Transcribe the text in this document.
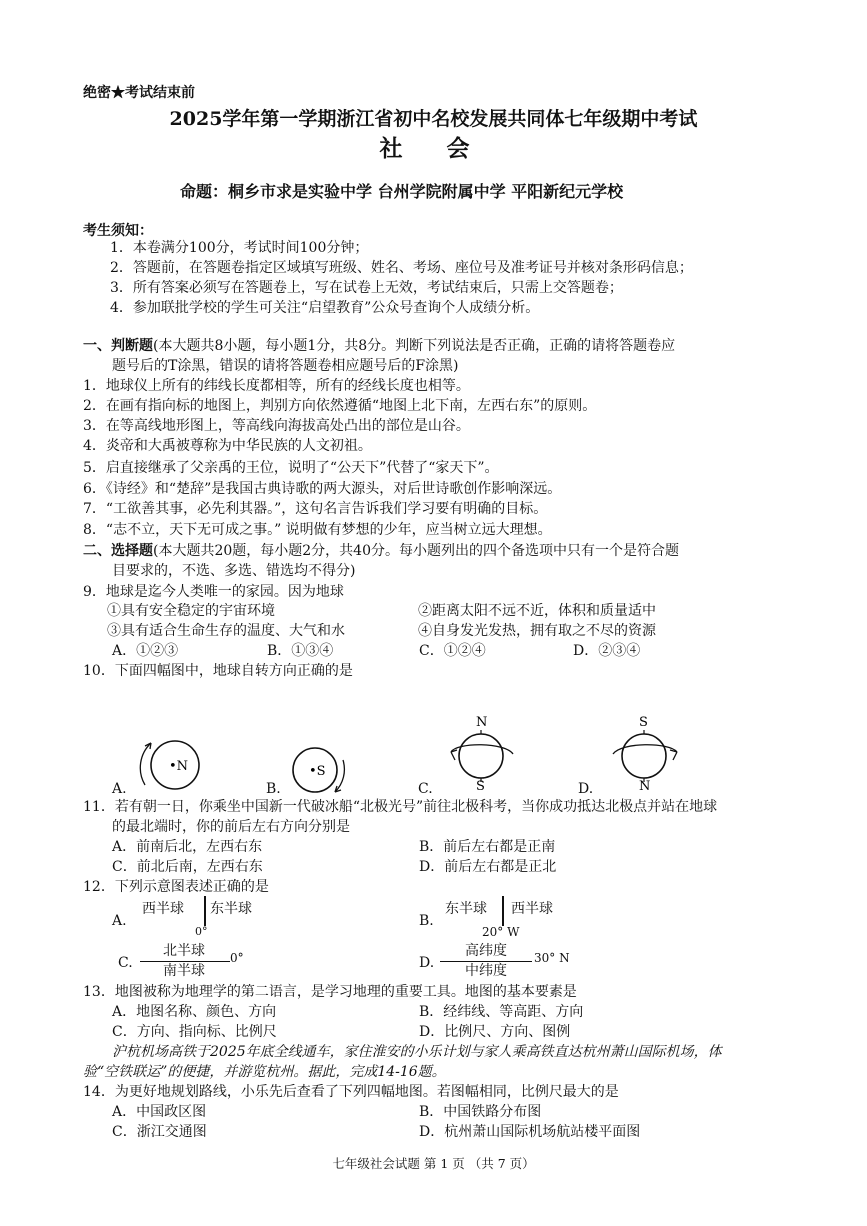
绝密★考试结束前
2025学年第一学期浙江省初中名校发展共同体七年级期中考试
社 会
命题：桐乡市求是实验中学 台州学院附属中学 平阳新纪元学校
考生须知：
1．本卷满分100分，考试时间100分钟；
2．答题前，在答题卷指定区域填写班级、姓名、考场、座位号及准考证号并核对条形码信息；
3．所有答案必须写在答题卷上，写在试卷上无效，考试结束后，只需上交答题卷；
4．参加联批学校的学生可关注“启望教育”公众号查询个人成绩分析。
一、判断题(本大题共8小题，每小题1分，共8分。判断下列说法是否正确，正确的请将答题卷应
题号后的T涂黑，错误的请将答题卷相应题号后的F涂黑)
1．地球仪上所有的纬线长度都相等，所有的经线长度也相等。
2．在画有指向标的地图上，判别方向依然遵循“地图上北下南，左西右东”的原则。
3．在等高线地形图上，等高线向海拔高处凸出的部位是山谷。
4．炎帝和大禹被尊称为中华民族的人文初祖。
5．启直接继承了父亲禹的王位，说明了“公天下”代替了“家天下”。
6．《诗经》和“楚辞”是我国古典诗歌的两大源头，对后世诗歌创作影响深远。
7．“工欲善其事，必先利其器。”，这句名言告诉我们学习要有明确的目标。
8．“志不立，天下无可成之事。” 说明做有梦想的少年，应当树立远大理想。
二、选择题(本大题共20题，每小题2分，共40分。每小题列出的四个备选项中只有一个是符合题
目要求的，不选、多选、错选均不得分)
9．地球是迄今人类唯一的家园。因为地球
①具有安全稳定的宇宙环境	②距离太阳不远不近，体积和质量适中
③具有适合生命生存的温度、大气和水	④自身发光发热，拥有取之不尽的资源
A．①②③	B．①③④	C．①②④	D．②③④
10．下面四幅图中，地球自转方向正确的是
A.
•N
B.
•S
C.
N
S	D.
S
N
11．若有朝一日，你乘坐中国新一代破冰船“北极光号”前往北极科考，当你成功抵达北极点并站在地球
的最北端时，你的前后左右方向分别是
A．前南后北，左西右东	B．前后左右都是正南
C．前北后南，左西右东	D．前后左右都是正北
12．下列示意图表述正确的是
A.
西半球 东半球
0°
B.
东半球 西半球
20° W
C.
北半球
南半球
0°	D.
高纬度
中纬度
30° N
13．地图被称为地理学的第二语言，是学习地理的重要工具。地图的基本要素是
A．地图名称、颜色、方向	B．经纬线、等高距、方向
C．方向、指向标、比例尺	D．比例尺、方向、图例
沪杭机场高铁于2025年底全线通车，家住淮安的小乐计划与家人乘高铁直达杭州萧山国际机场，体
验“空铁联运”的便捷，并游览杭州。据此，完成14-16题。
14．为更好地规划路线，小乐先后查看了下列四幅地图。若图幅相同，比例尺最大的是
A．中国政区图	B．中国铁路分布图
C．浙江交通图	D．杭州萧山国际机场航站楼平面图
七年级社会试题 第 1 页 （共 7 页）
